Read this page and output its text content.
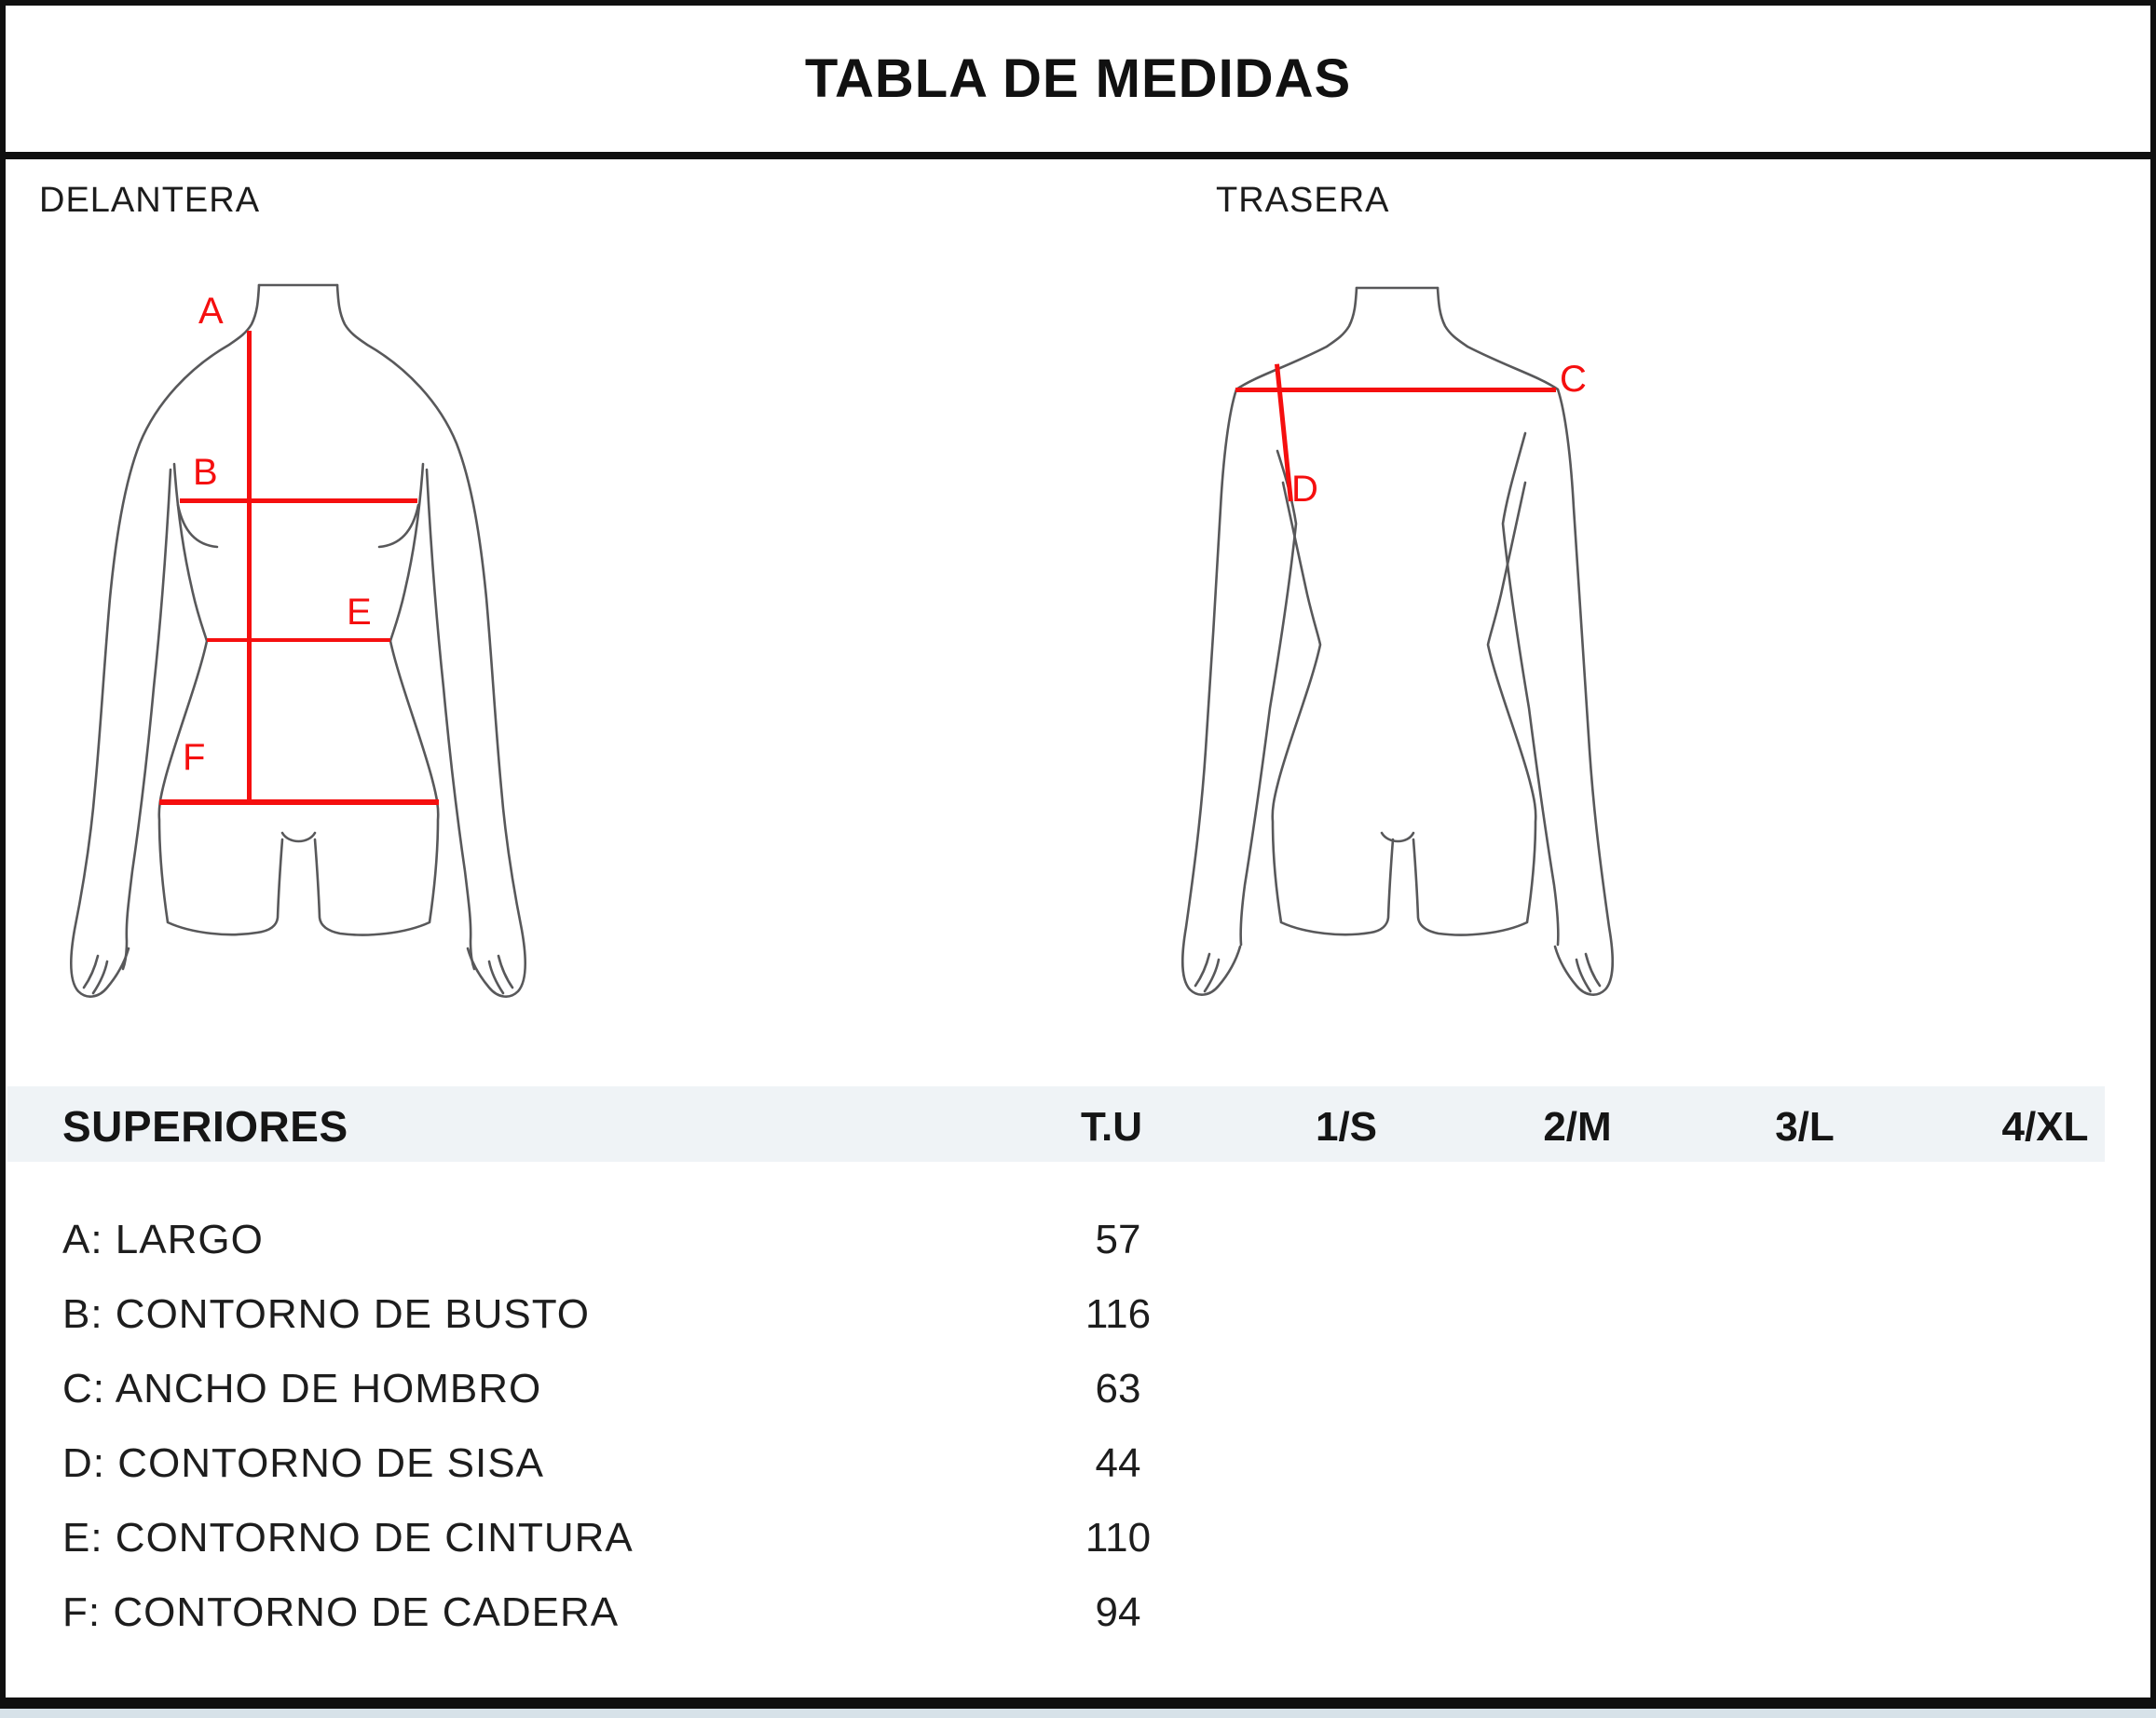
TABLA DE MEDIDAS
DELANTERA	TRASERA
A
B
E
F
C
D
SUPERIORES	T.U	1/S	2/M	3/L	4/XL
A: LARGO	57
B: CONTORNO DE BUSTO	116
C: ANCHO DE HOMBRO	63
D: CONTORNO DE SISA	44
E: CONTORNO DE CINTURA	110
F: CONTORNO DE CADERA	94
